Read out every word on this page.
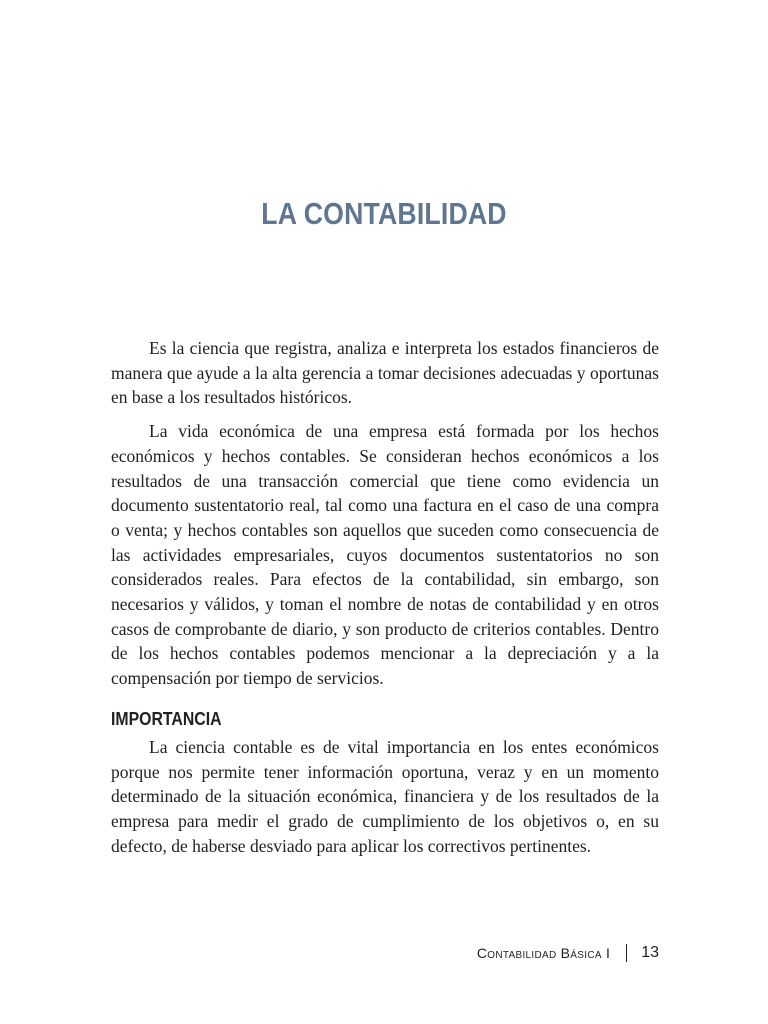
LA CONTABILIDAD

Es la ciencia que registra, analiza e interpreta los estados financieros de manera que ayude a la alta gerencia a tomar decisiones adecuadas y oportunas en base a los resultados históricos.

La vida económica de una empresa está formada por los hechos económicos y hechos contables. Se consideran hechos económicos a los resultados de una transacción comercial que tiene como evidencia un documento sustentatorio real, tal como una factura en el caso de una compra o venta; y hechos contables son aquellos que suceden como consecuencia de las actividades empresariales, cuyos documentos sustentatorios no son considerados reales. Para efectos de la contabilidad, sin embargo, son necesarios y válidos, y toman el nombre de notas de contabilidad y en otros casos de comprobante de diario, y son producto de criterios contables. Dentro de los hechos contables podemos mencionar a la depreciación y a la compensación por tiempo de servicios.

IMPORTANCIA

La ciencia contable es de vital importancia en los entes económicos porque nos permite tener información oportuna, veraz y en un momento determinado de la situación económica, financiera y de los resultados de la empresa para medir el grado de cumplimiento de los objetivos o, en su defecto, de haberse desviado para aplicar los correctivos pertinentes.

Contabilidad Básica I 13
